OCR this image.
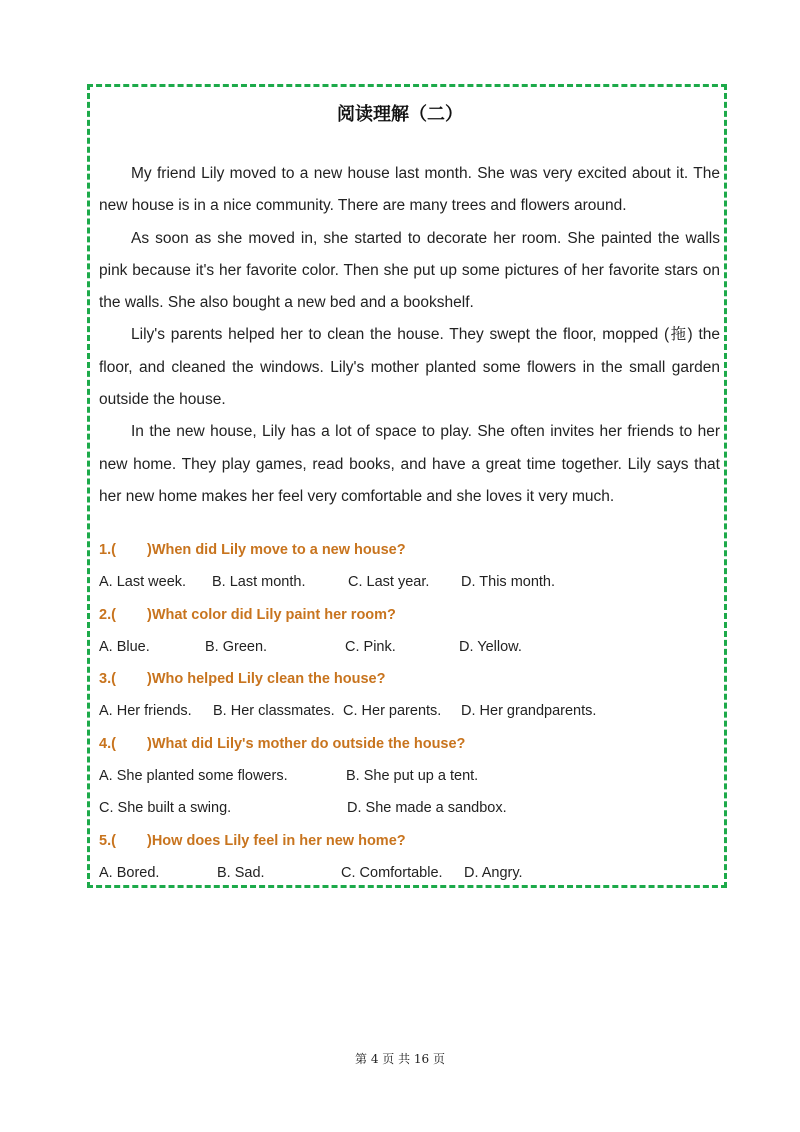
阅读理解（二）

My friend Lily moved to a new house last month. She was very excited about it. The new house is in a nice community. There are many trees and flowers around.

As soon as she moved in, she started to decorate her room. She painted the walls pink because it's her favorite color. Then she put up some pictures of her favorite stars on the walls. She also bought a new bed and a bookshelf.

Lily's parents helped her to clean the house. They swept the floor, mopped (拖) the floor, and cleaned the windows. Lily's mother planted some flowers in the small garden outside the house.

In the new house, Lily has a lot of space to play. She often invites her friends to her new home. They play games, read books, and have a great time together. Lily says that her new home makes her feel very comfortable and she loves it very much.

1.( )When did Lily move to a new house?
A. Last week. B. Last month.	C. Last year. D. This month.
2.( )What color did Lily paint her room?
A. Blue.	B. Green.	C. Pink.	D. Yellow.
3.( )Who helped Lily clean the house?
A. Her friends. B. Her classmates. C. Her parents. D. Her grandparents.
4.( )What did Lily's mother do outside the house?
A. She planted some flowers.	B. She put up a tent.
C. She built a swing.	D. She made a sandbox.
5.( )How does Lily feel in her new home?
A. Bored.	B. Sad.	C. Comfortable. D. Angry.
第 4 页 共 16 页
